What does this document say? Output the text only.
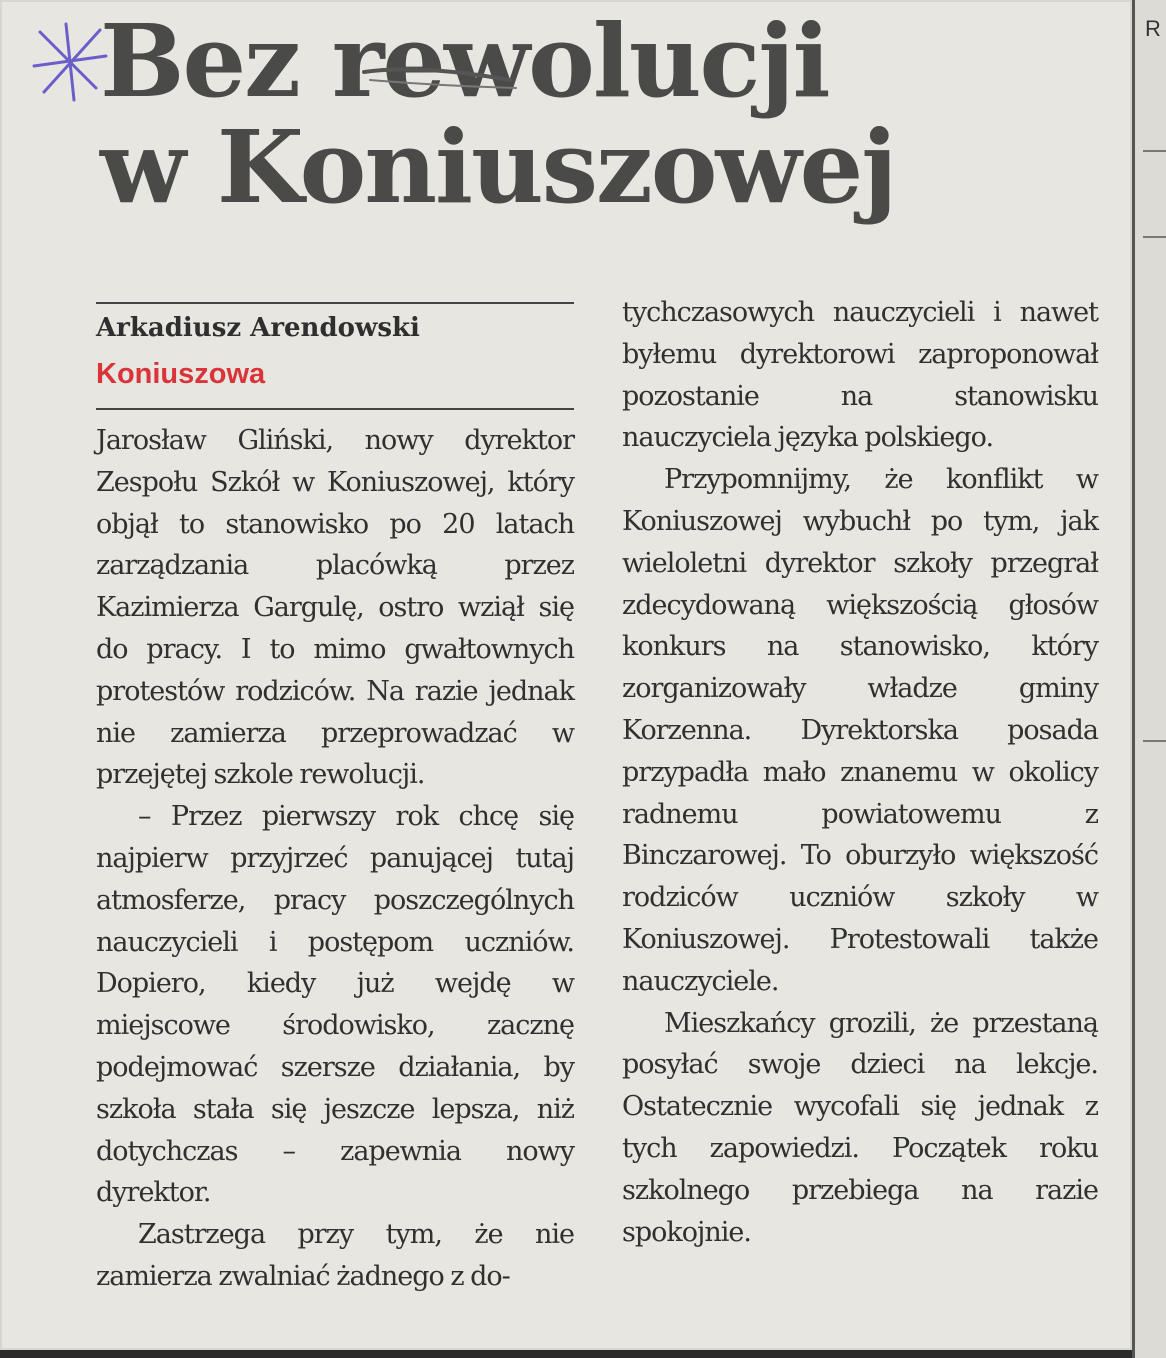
Bez rewolucji
w Koniuszowej
Arkadiusz Arendowski
Koniuszowa

Jarosław Gliński, nowy dyrektor Zespołu Szkół w Koniuszowej, który objął to stanowisko po 20 latach zarządzania placówką przez Kazimierza Gargulę, ostro wziął się do pracy. I to mimo gwałtownych protestów rodziców. Na razie jednak nie zamierza przeprowadzać w przejętej szkole rewolucji.

– Przez pierwszy rok chcę się najpierw przyjrzeć panującej tutaj atmosferze, pracy poszczególnych nauczycieli i postępom uczniów. Dopiero, kiedy już wejdę w miejscowe środowisko, zacznę podejmować szersze działania, by szkoła stała się jeszcze lepsza, niż dotychczas – zapewnia nowy dyrektor.

Zastrzega przy tym, że nie zamierza zwalniać żadnego z do-

tychczasowych nauczycieli i nawet byłemu dyrektorowi zaproponował pozostanie na stanowisku nauczyciela języka polskiego.

Przypomnijmy, że konflikt w Koniuszowej wybuchł po tym, jak wieloletni dyrektor szkoły przegrał zdecydowaną większością głosów konkurs na stanowisko, który zorganizowały władze gminy Korzenna. Dyrektorska posada przypadła mało znanemu w okolicy radnemu powiatowemu z Binczarowej. To oburzyło większość rodziców uczniów szkoły w Koniuszowej. Protestowali także nauczyciele.

Mieszkańcy grozili, że przestaną posyłać swoje dzieci na lekcje. Ostatecznie wycofali się jednak z tych zapowiedzi. Początek roku szkolnego przebiega na razie spokojnie.

R
